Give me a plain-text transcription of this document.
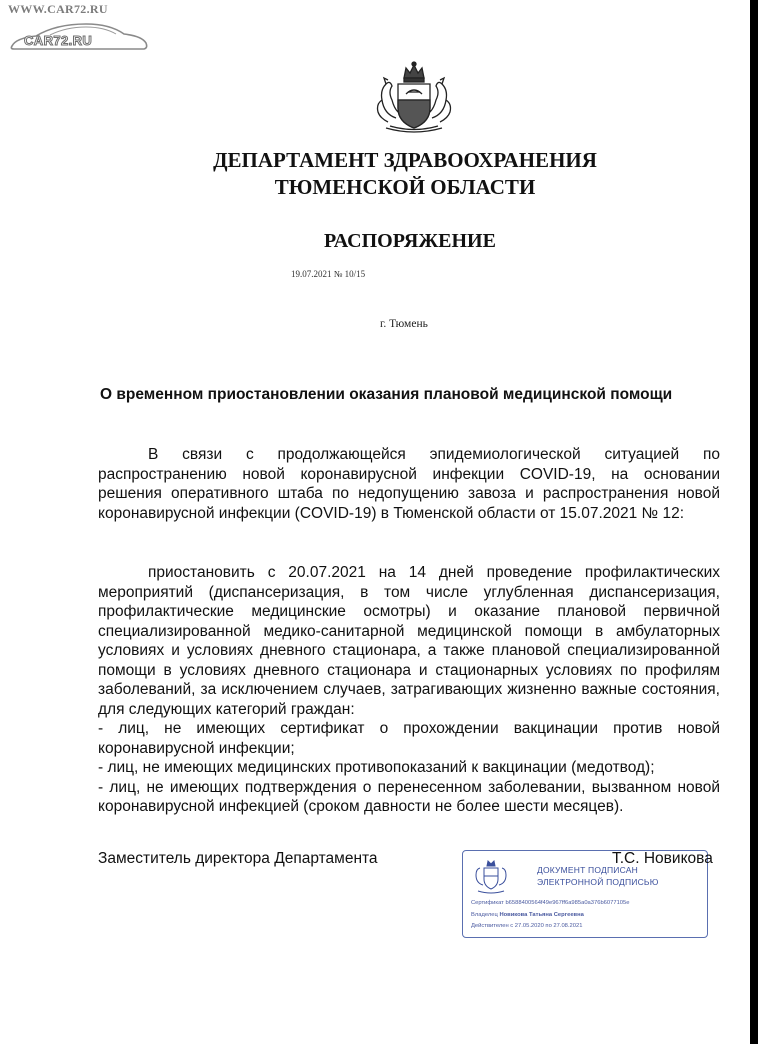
WWW.CAR72.RU
CAR72.RU
ДЕПАРТАМЕНТ ЗДРАВООХРАНЕНИЯ
ТЮМЕНСКОЙ ОБЛАСТИ
РАСПОРЯЖЕНИЕ
19.07.2021 № 10/15
г. Тюмень
О временном приостановлении оказания плановой медицинской помощи

В связи с продолжающейся эпидемиологической ситуацией по распространению новой коронавирусной инфекции COVID-19, на основании решения оперативного штаба по недопущению завоза и распространения новой коронавирусной инфекции (COVID-19) в Тюменской области от 15.07.2021 № 12:

приостановить с 20.07.2021 на 14 дней проведение профилактических мероприятий (диспансеризация, в том числе углубленная диспансеризация, профилактические медицинские осмотры) и оказание плановой первичной специализированной медико-санитарной медицинской помощи в амбулаторных условиях и условиях дневного стационара, а также плановой специализированной помощи в условиях дневного стационара и стационарных условиях по профилям заболеваний, за исключением случаев, затрагивающих жизненно важные состояния, для следующих категорий граждан:

- лиц, не имеющих сертификат о прохождении вакцинации против новой коронавирусной инфекции;

- лиц, не имеющих медицинских противопоказаний к вакцинации (медотвод);

- лиц, не имеющих подтверждения о перенесенном заболевании, вызванном новой коронавирусной инфекцией (сроком давности не более шести месяцев).

Заместитель директора Департамента
ДОКУМЕНТ ПОДПИСАН
ЭЛЕКТРОННОЙ ПОДПИСЬЮ
Сертификат b6588400564f49e967ff6a985a0a376b6077105e
Владелец Новикова Татьяна Сергеевна
Действителен с 27.05.2020 по 27.08.2021
Т.С. Новикова
